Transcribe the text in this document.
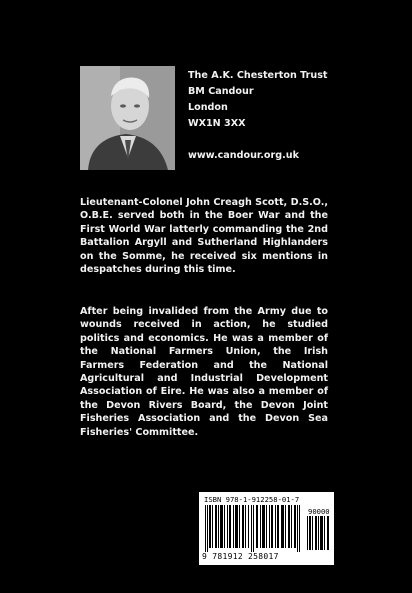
The A.K. Chesterton Trust
BM Candour
London
WX1N 3XX
www.candour.org.uk

Lieutenant-Colonel John Creagh Scott, D.S.O., O.B.E. served both in the Boer War and the First World War latterly commanding the 2nd Battalion Argyll and Sutherland Highlanders on the Somme, he received six mentions in despatches during this time.

After being invalided from the Army due to wounds received in action, he studied politics and economics. He was a member of the National Farmers Union, the Irish Farmers Federation and the National Agricultural and Industrial Development Association of Eire. He was also a member of the Devon Rivers Board, the Devon Joint Fisheries Association and the Devon Sea Fisheries' Committee.

ISBN 978-1-912258-01-7
90000
9 781912 258017
